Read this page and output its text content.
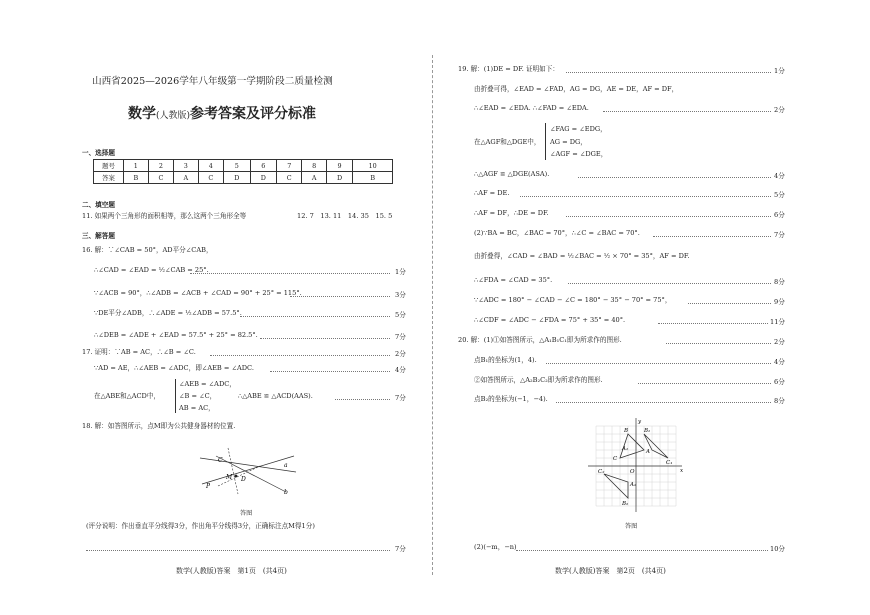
山西省2025—2026学年八年级第一学期阶段二质量检测
数学(人教版)参考答案及评分标准
一、选择题
题号	1	2	3	4	5	6	7	8	9	10
答案	B	C	A	C	D	D	C	A	D	B
二、填空题
11. 如果两个三角形的面积相等，那么这两个三角形全等	12. 7　13. 11　14. 35　15. 5
三、解答题
16. 解：∵∠CAB = 50°，AD平分∠CAB，
∴∠CAD = ∠EAD = ½∠CAB = 25°.	1分
∵∠ACB = 90°，∴∠ADB = ∠ACB + ∠CAD = 90° + 25° = 115°.	3分
∵DE平分∠ADB，∴∠ADE = ½∠ADB = 57.5°.	5分
∴∠DEB = ∠ADE + ∠EAD = 57.5° + 25° = 82.5°.	7分
17. 证明：∵AB = AC，∴∠B = ∠C.	2分
∵AD = AE，∴∠AEB = ∠ADC，即∠AEB = ∠ADC.	4分
在△ABE和△ACD中，
∠AEB = ∠ADC，
∠B = ∠C，
AB = AC，
∴△ABE ≌ △ACD(AAS).	7分
18. 解：如答图所示，点M即为公共健身器材的位置.
C
D
a
M
P
b
答图
(评分说明：作出垂直平分线得3分，作出角平分线得3分，正确标注点M得1分)
7分
数学(人教版)答案　第1页　(共4页)
19. 解：(1)DE = DF. 证明如下：	1分
由折叠可得，∠EAD = ∠FAD，AG = DG，AE = DE，AF = DF，
∴∠EAD = ∠EDA. ∴∠FAD = ∠EDA.	2分
在△AGF和△DGE中，
∠FAG = ∠EDG，
AG = DG，
∠AGF = ∠DGE，
∴△AGF ≌ △DGE(ASA).	4分
∴AF = DE.	5分
∴AF = DF，∴DE = DF.	6分
(2)∵BA = BC，∠BAC = 70°，∴∠C = ∠BAC = 70°.	7分
由折叠得，∠CAD = ∠BAD = ½∠BAC = ½ × 70° = 35°，AF = DF.
∴∠FDA = ∠CAD = 35°.	8分
∵∠ADC = 180° − ∠CAD − ∠C = 180° − 35° − 70° = 75°，	9分
∴∠CDF = ∠ADC − ∠FDA = 75° + 35° = 40°.	11分
20. 解：(1)①如答图所示，△A₁B₁C₁即为所求作的图形.	2分
点B₁的坐标为(1，4).	4分
②如答图所示，△A₂B₂C₂即为所求作的图形.	6分
点B₂的坐标为(−1，−4).	8分
y
x
O
B
A
C
A₁
B₁
C₁
C₂
A₂
B₂
答图
(2)(−m，−n)	10分
数学(人教版)答案　第2页　(共4页)
